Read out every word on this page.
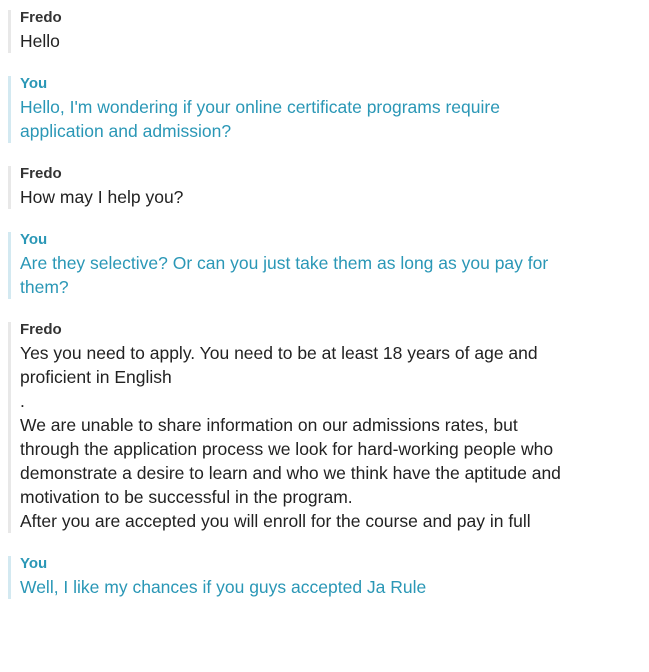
Fredo

Hello

You

Hello, I'm wondering if your online certificate programs require
application and admission?

Fredo

How may I help you?

You

Are they selective? Or can you just take them as long as you pay for
them?

Fredo

Yes you need to apply. You need to be at least 18 years of age and
proficient in English
.
We are unable to share information on our admissions rates, but
through the application process we look for hard-working people who
demonstrate a desire to learn and who we think have the aptitude and
motivation to be successful in the program.
After you are accepted you will enroll for the course and pay in full

You

Well, I like my chances if you guys accepted Ja Rule
